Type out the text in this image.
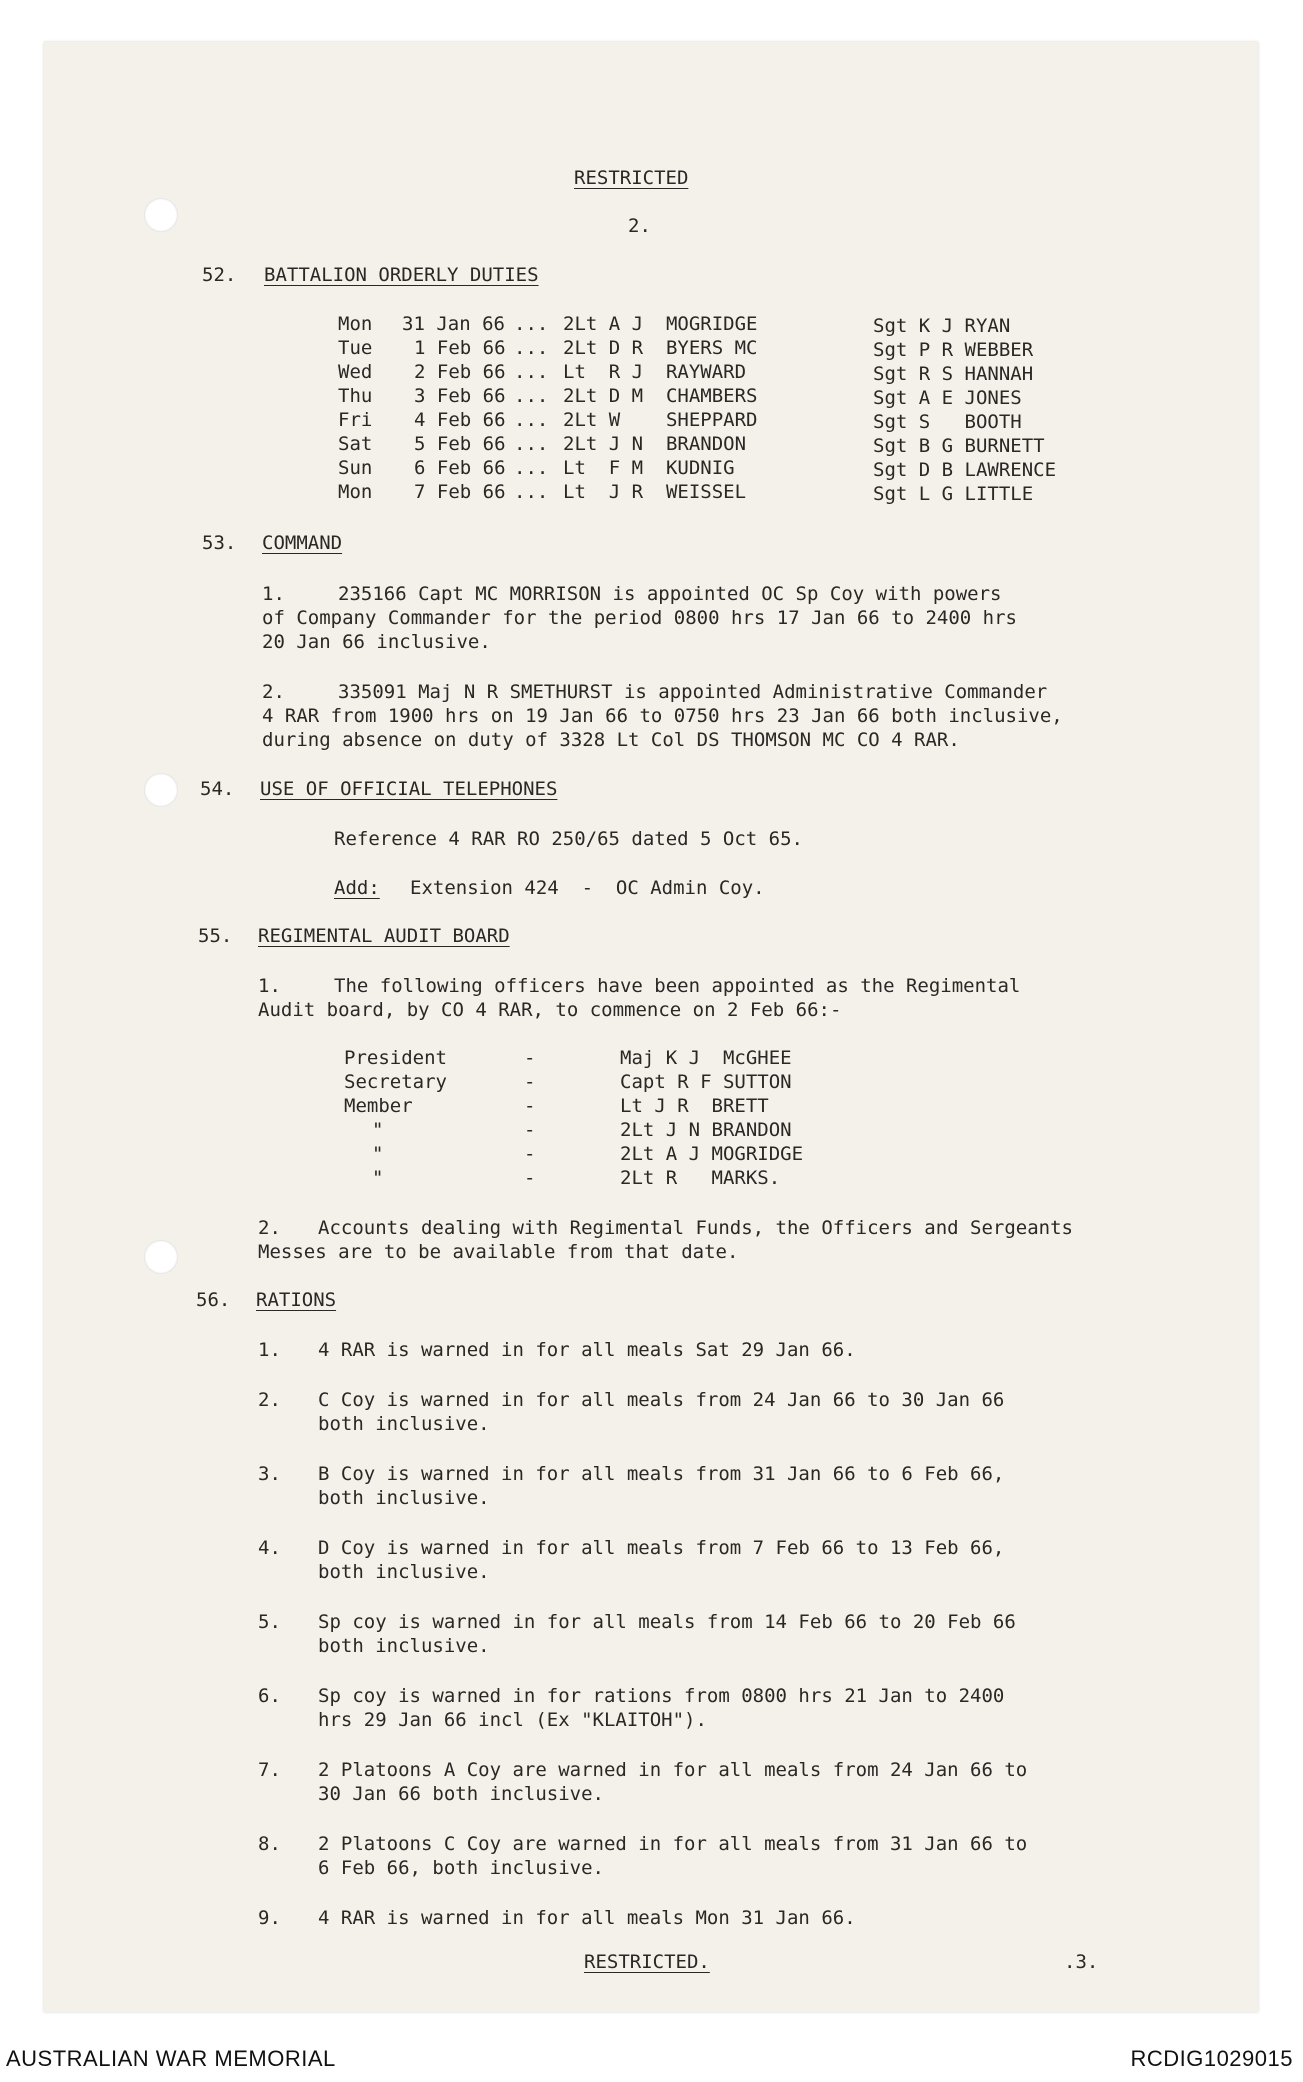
RESTRICTED
2.
52. BATTALION ORDERLY DUTIES
Mon 31 Jan 66 ... 2Lt A J  MOGRIDGE	Sgt K J RYAN
Tue 1 Feb 66 ... 2Lt D R  BYERS MC	Sgt P R WEBBER
Wed 2 Feb 66 ... Lt  R J  RAYWARD	Sgt R S HANNAH
Thu 3 Feb 66 ... 2Lt D M  CHAMBERS	Sgt A E JONES
Fri 4 Feb 66 ... 2Lt W    SHEPPARD	Sgt S   BOOTH
Sat 5 Feb 66 ... 2Lt J N  BRANDON	Sgt B G BURNETT
Sun 6 Feb 66 ... Lt  F M  KUDNIG	Sgt D B LAWRENCE
Mon 7 Feb 66 ... Lt  J R  WEISSEL	Sgt L G LITTLE
53. COMMAND
1.	235166 Capt MC MORRISON is appointed OC Sp Coy with powers
of Company Commander for the period 0800 hrs 17 Jan 66 to 2400 hrs
20 Jan 66 inclusive.
2.	335091 Maj N R SMETHURST is appointed Administrative Commander
4 RAR from 1900 hrs on 19 Jan 66 to 0750 hrs 23 Jan 66 both inclusive,
during absence on duty of 3328 Lt Col DS THOMSON MC CO 4 RAR.
54. USE OF OFFICIAL TELEPHONES
Reference 4 RAR RO 250/65 dated 5 Oct 65.
Add: Extension 424  -  OC Admin Coy.
55. REGIMENTAL AUDIT BOARD
1.	The following officers have been appointed as the Regimental
Audit board, by CO 4 RAR, to commence on 2 Feb 66:-
President	-	Maj K J  McGHEE
Secretary	-	Capt R F SUTTON
Member	-	Lt J R  BRETT
"	-	2Lt J N BRANDON
"	-	2Lt A J MOGRIDGE
"	-	2Lt R   MARKS.
2. Accounts dealing with Regimental Funds, the Officers and Sergeants
Messes are to be available from that date.
56. RATIONS
1. 4 RAR is warned in for all meals Sat 29 Jan 66.
2. C Coy is warned in for all meals from 24 Jan 66 to 30 Jan 66
both inclusive.
3. B Coy is warned in for all meals from 31 Jan 66 to 6 Feb 66,
both inclusive.
4. D Coy is warned in for all meals from 7 Feb 66 to 13 Feb 66,
both inclusive.
5. Sp coy is warned in for all meals from 14 Feb 66 to 20 Feb 66
both inclusive.
6. Sp coy is warned in for rations from 0800 hrs 21 Jan to 2400
hrs 29 Jan 66 incl (Ex "KLAITOH").
7. 2 Platoons A Coy are warned in for all meals from 24 Jan 66 to
30 Jan 66 both inclusive.
8. 2 Platoons C Coy are warned in for all meals from 31 Jan 66 to
6 Feb 66, both inclusive.
9. 4 RAR is warned in for all meals Mon 31 Jan 66.
RESTRICTED.	.3.
AUSTRALIAN WAR MEMORIAL	RCDIG1029015
